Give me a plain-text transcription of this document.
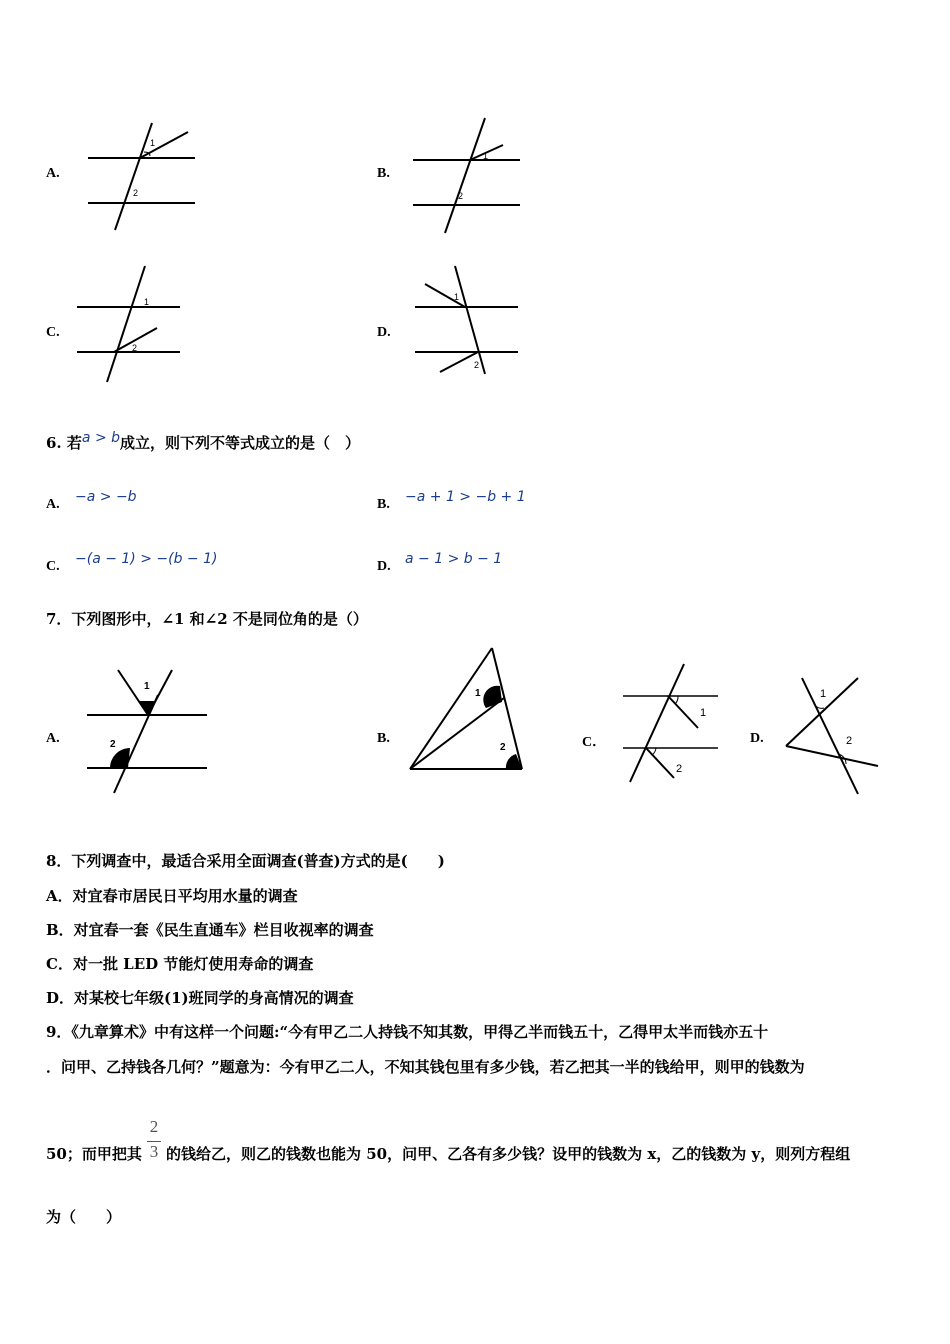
A.
1
2
B.
1
2
C.
1
2
D.
1
2
6. 若a > b成立，则下列不等式成立的是（　）
A. −a > −b	B. −a + 1 > −b + 1
C. −(a − 1) > −(b − 1)	D. a − 1 > b − 1
7．下列图形中，∠1 和∠2 不是同位角的是（）
A.
1
2	B.
1
2	C．
1
2
D.
1
2
8．下列调查中，最适合采用全面调查(普查)方式的是(　　)
A．对宜春市居民日平均用水量的调查
B．对宜春一套《民生直通车》栏目收视率的调查
C．对一批 LED 节能灯使用寿命的调查
D．对某校七年级(1)班同学的身高情况的调查
9．《九章算术》中有这样一个问题:“今有甲乙二人持钱不知其数，甲得乙半而钱五十，乙得甲太半而钱亦五十
．问甲、乙持钱各几何？”题意为：今有甲乙二人，不知其钱包里有多少钱，若乙把其一半的钱给甲，则甲的钱数为
50；而甲把其
2
3 的钱给乙，则乙的钱数也能为 50，问甲、乙各有多少钱？设甲的钱数为 x，乙的钱数为 y，则列方程组
为（　　）
